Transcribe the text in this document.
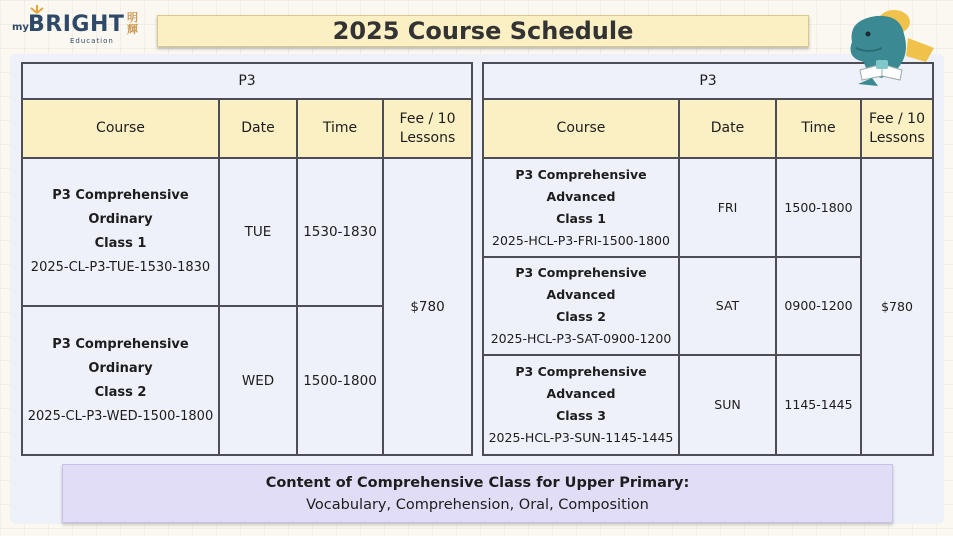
my BRIGHT 明輝
Education	2025 Course Schedule
P3			
Course	Date	Time	Fee / 10 Lessons

P3 Comprehensive Ordinary
Class 1
2025-CL-P3-TUE-1530-1830	TUE	1530-1830	$780

P3 Comprehensive Ordinary
Class 2
2025-CL-P3-WED-1500-1800	WED	1500-1800	
P3			
Course	Date	Time	Fee / 10 Lessons

P3 Comprehensive Advanced
Class 1
2025-HCL-P3-FRI-1500-1800	FRI	1500-1800	$780

P3 Comprehensive Advanced
Class 2
2025-HCL-P3-SAT-0900-1200	SAT	0900-1200	

P3 Comprehensive Advanced
Class 3
2025-HCL-P3-SUN-1145-1445	SUN	1145-1445	
Content of Comprehensive Class for Upper Primary:
Vocabulary, Comprehension, Oral, Composition
